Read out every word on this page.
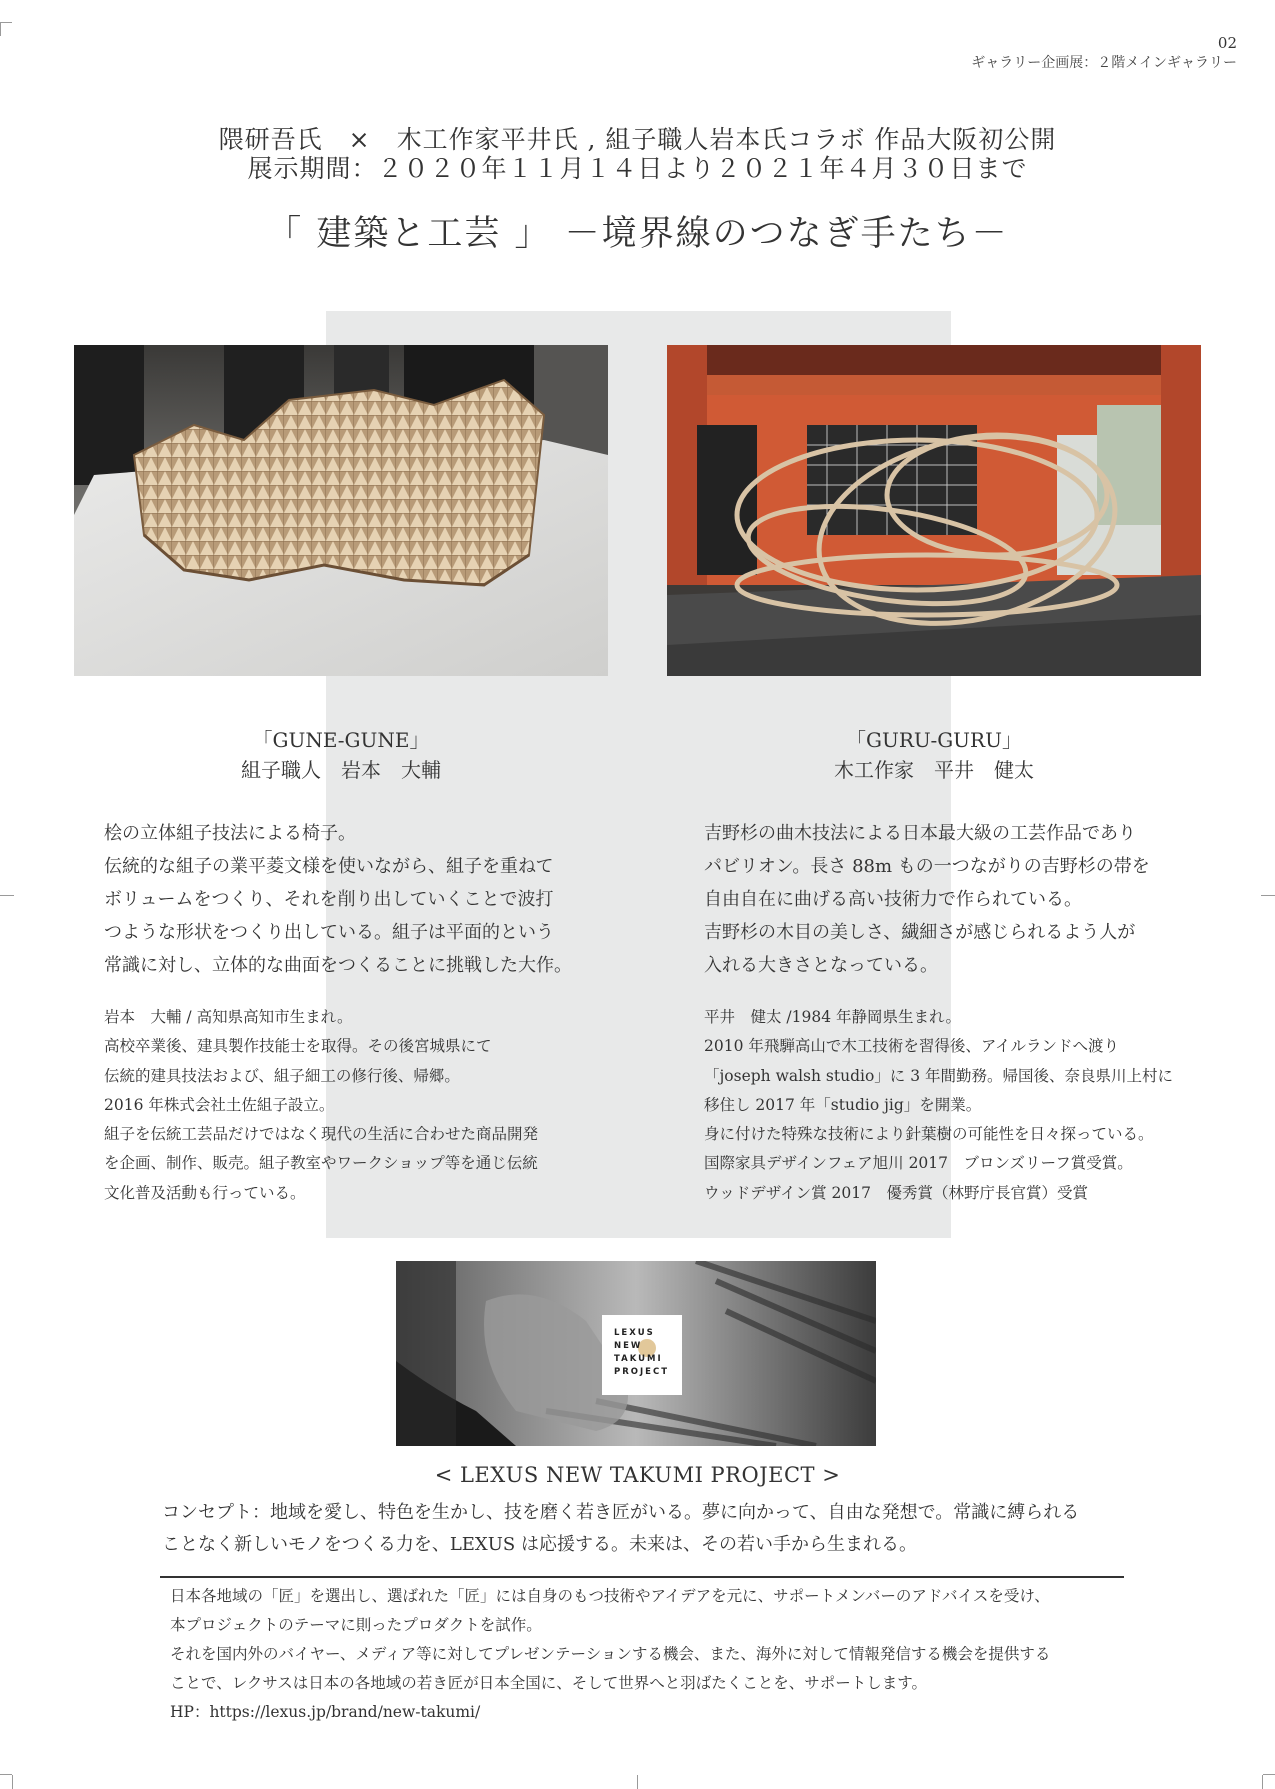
02
ギャラリー企画展：２階メインギャラリー
隈研吾氏　×　木工作家平井氏 , 組子職人岩本氏コラボ 作品大阪初公開
展示期間：２０２０年１１月１４日より２０２１年４月３０日まで
「 建築と工芸 」 －境界線のつなぎ手たち－
「GUNE-GUNE」
組子職人　岩本　大輔

桧の立体組子技法による椅子。

伝統的な組子の業平菱文様を使いながら、組子を重ねて

ボリュームをつくり、それを削り出していくことで波打

つような形状をつくり出している。組子は平面的という

常識に対し、立体的な曲面をつくることに挑戦した大作。

岩本　大輔 / 高知県高知市生まれ。

高校卒業後、建具製作技能士を取得。その後宮城県にて

伝統的建具技法および、組子細工の修行後、帰郷。

2016 年株式会社土佐組子設立。

組子を伝統工芸品だけではなく現代の生活に合わせた商品開発

を企画、制作、販売。組子教室やワークショップ等を通じ伝統

文化普及活動も行っている。

「GURU-GURU」
木工作家　平井　健太

吉野杉の曲木技法による日本最大級の工芸作品であり

パビリオン。長さ 88m もの一つながりの吉野杉の帯を

自由自在に曲げる高い技術力で作られている。

吉野杉の木目の美しさ、繊細さが感じられるよう人が

入れる大きさとなっている。

平井　健太 /1984 年静岡県生まれ。

2010 年飛騨高山で木工技術を習得後、アイルランドへ渡り

「joseph walsh studio」に 3 年間勤務。帰国後、奈良県川上村に

移住し 2017 年「studio jig」を開業。

身に付けた特殊な技術により針葉樹の可能性を日々探っている。

国際家具デザインフェア旭川 2017　ブロンズリーフ賞受賞。

ウッドデザイン賞 2017　優秀賞（林野庁長官賞）受賞

LEXUS
NEW
TAKUMI
PROJECT
< LEXUS NEW TAKUMI PROJECT >

コンセプト：地域を愛し、特色を生かし、技を磨く若き匠がいる。夢に向かって、自由な発想で。常識に縛られる

ことなく新しいモノをつくる力を、LEXUS は応援する。未来は、その若い手から生まれる。

日本各地域の「匠」を選出し、選ばれた「匠」には自身のもつ技術やアイデアを元に、サポートメンバーのアドバイスを受け、

本プロジェクトのテーマに則ったプロダクトを試作。

それを国内外のバイヤー、メディア等に対してプレゼンテーションする機会、また、海外に対して情報発信する機会を提供する

ことで、レクサスは日本の各地域の若き匠が日本全国に、そして世界へと羽ばたくことを、サポートします。

HP：https://lexus.jp/brand/new-takumi/
